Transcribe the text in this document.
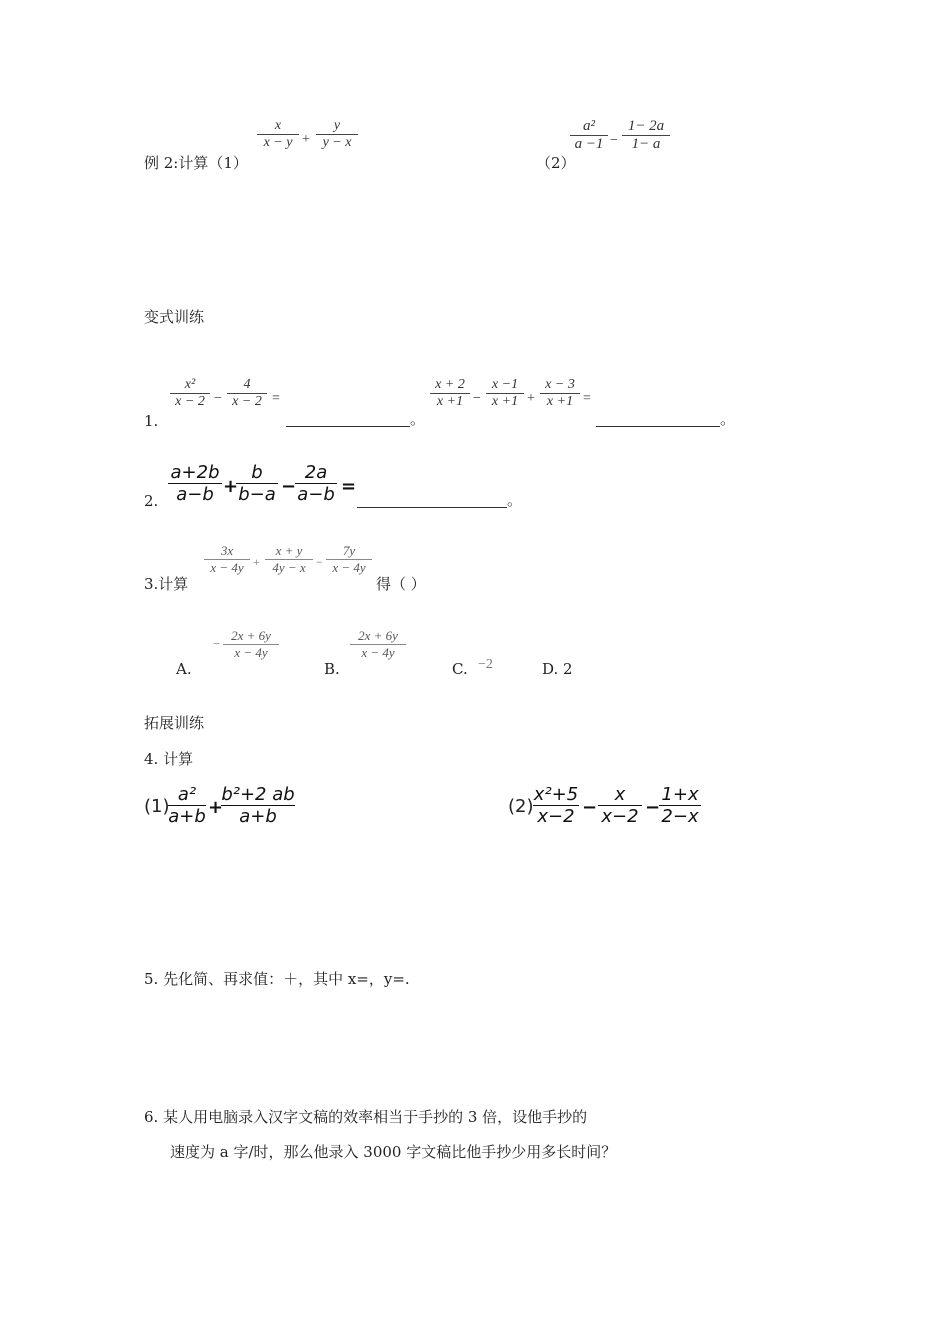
例 2:计算（1）
x
x − y +
y
y − x
（2）
a²
a −1 −
1− 2a
1− a
变式训练
1.
x²
x − 2 −
4
x − 2 =
。
x + 2
x +1 −
x −1
x +1 +
x − 3
x +1 =
。
2.
a+2b
a−b +
b
b−a −
2a
a−b =
。
3.计算
3x
x − 4y +
x + y
4y − x −
7y
x − 4y
得（ ）
A.
−
2x + 6y
x − 4y
B.
2x + 6y
x − 4y
C. −2	D. 2
拓展训练
4. 计算
(1)
a²
a+b +
b²+2 ab
a+b	(2)
x²+5
x−2 −
x
x−2 −
1+x
2−x
5. 先化简、再求值：＋，其中 x=，y=.
6. 某人用电脑录入汉字文稿的效率相当于手抄的 3 倍，设他手抄的
速度为 a 字/时，那么他录入 3000 字文稿比他手抄少用多长时间？
